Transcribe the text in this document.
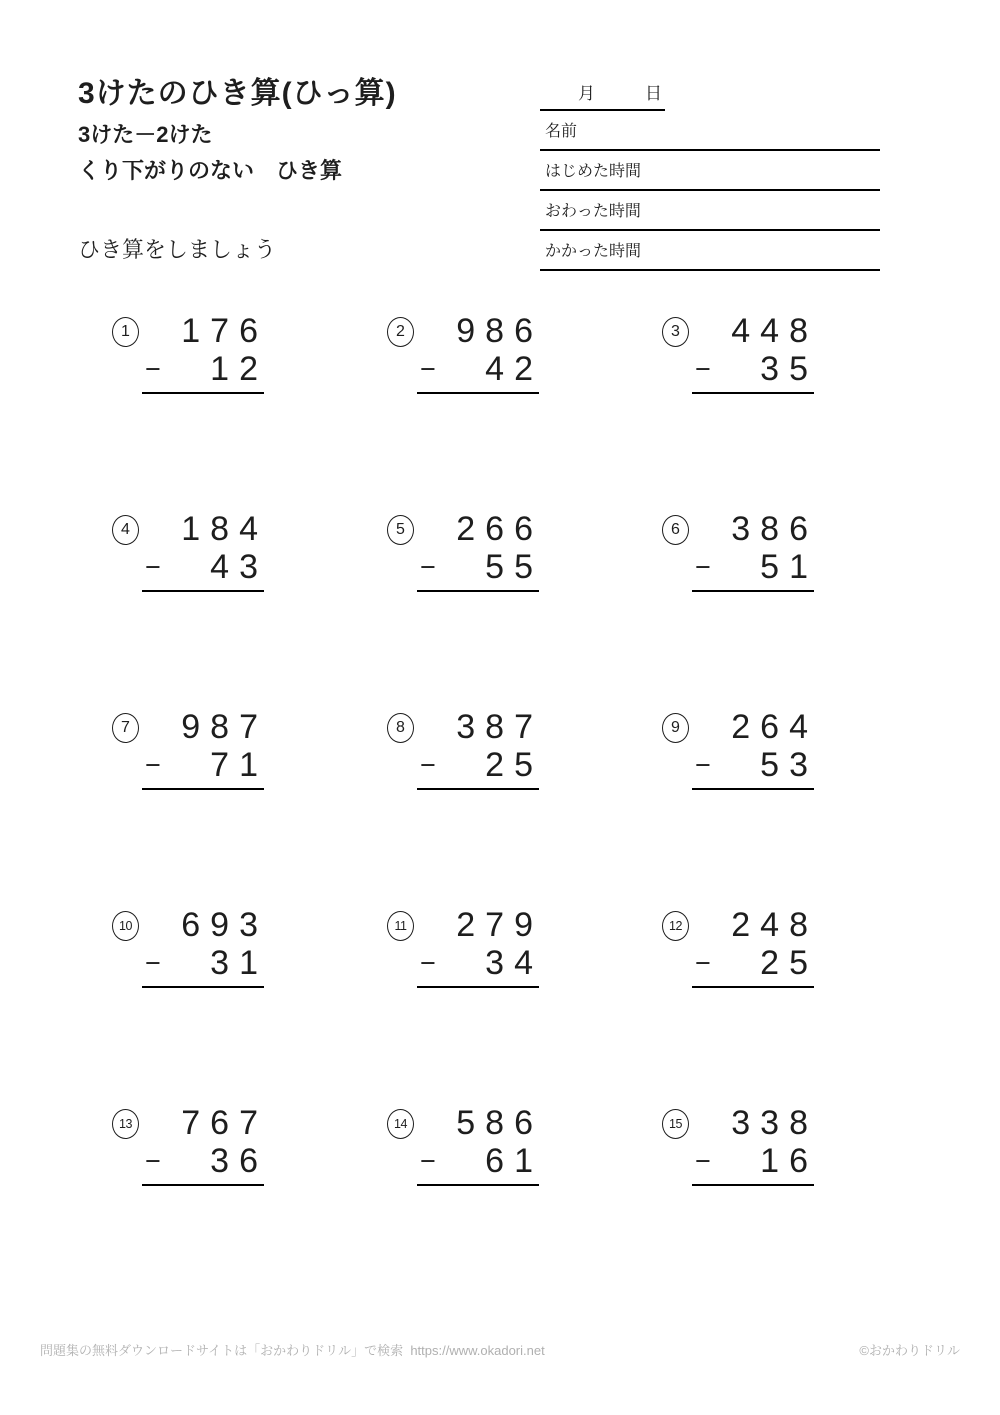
3けたのひき算(ひっ算)
3けた－2けた
くり下がりのない　ひき算
ひき算をしましょう
月	日
名前
はじめた時間
おわった時間
かかった時間
1	176
− 12
2	986
− 42
3	448
− 35
4	184
− 43
5	266
− 55
6	386
− 51
7	987
− 71
8	387
− 25
9	264
− 53
10	693
− 31
11	279
− 34
12	248
− 25
13	767
− 36
14	586
− 61
15	338
− 16
問題集の無料ダウンロードサイトは「おかわりドリル」で検索  https://www.okadori.net	©おかわりドリル
